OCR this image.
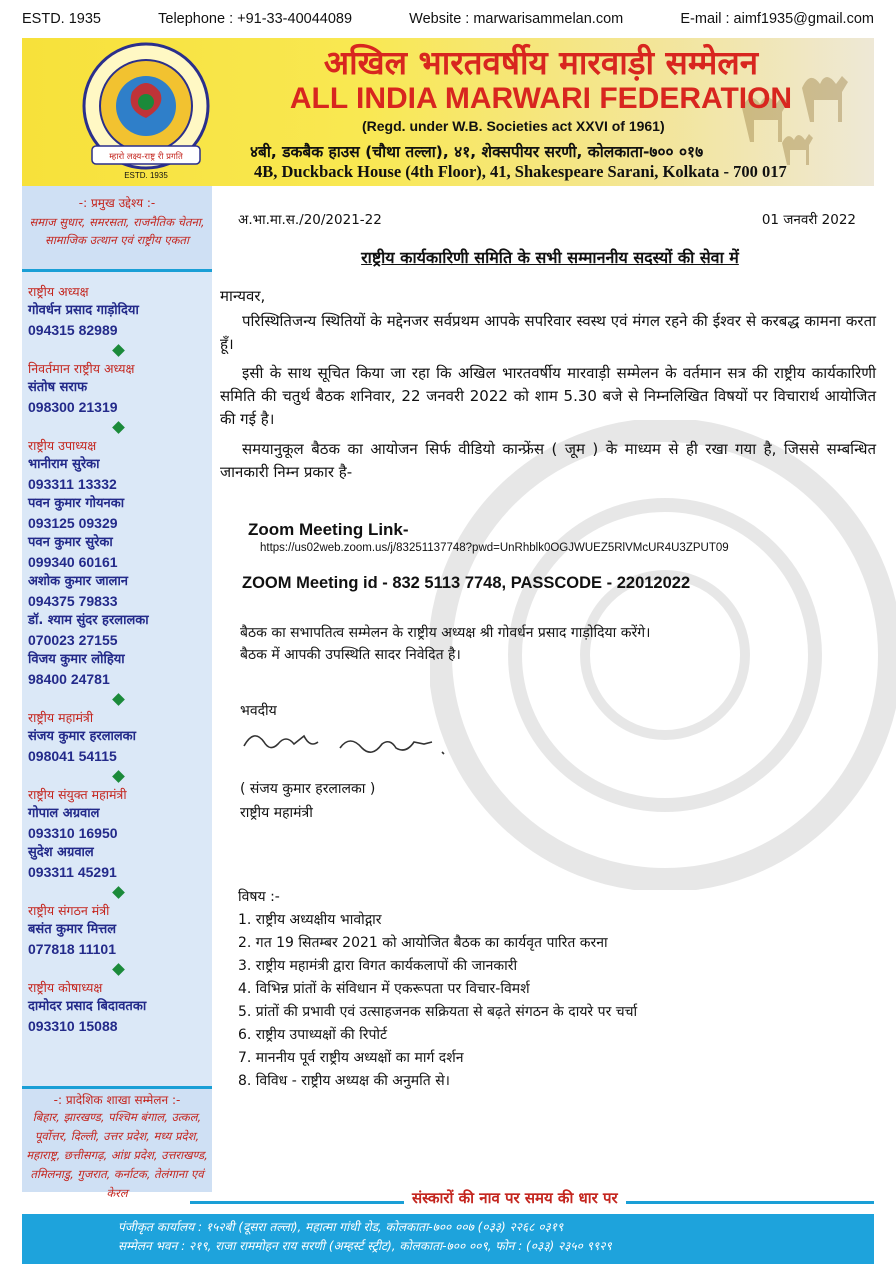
ESTD. 1935	Telephone : +91-33-40044089	Website : marwarisammelan.com	E-mail : aimf1935@gmail.com
म्हारो लक्ष्य-राष्ट्र री प्रगति
ESTD. 1935
अखिल भारतवर्षीय मारवाड़ी सम्मेलन
ALL INDIA MARWARI FEDERATION
(Regd. under W.B. Societies act XXVI of 1961)
४बी, डकबैक हाउस (चौथा तल्ला), ४१, शेक्सपीयर सरणी, कोलकाता-७०० ०१७
4B, Duckback House (4th Floor), 41, Shakespeare Sarani, Kolkata - 700 017
-: प्रमुख उद्देश्य :-
समाज सुधार, समरसता, राजनैतिक चेतना, सामाजिक उत्थान एवं राष्ट्रीय एकता
राष्ट्रीय अध्यक्ष
गोवर्धन प्रसाद गाड़ोदिया
094315 82989
निवर्तमान राष्ट्रीय अध्यक्ष
संतोष सराफ
098300 21319
राष्ट्रीय उपाध्यक्ष
भानीराम सुरेका
093311 13332
पवन कुमार गोयनका
093125 09329
पवन कुमार सुरेका
099340 60161
अशोक कुमार जालान
094375 79833
डॉ. श्याम सुंदर हरलालका
070023 27155
विजय कुमार लोहिया
98400 24781
राष्ट्रीय महामंत्री
संजय कुमार हरलालका
098041 54115
राष्ट्रीय संयुक्त महामंत्री
गोपाल अग्रवाल
093310 16950
सुदेश अग्रवाल
093311 45291
राष्ट्रीय संगठन मंत्री
बसंत कुमार मित्तल
077818 11101
राष्ट्रीय कोषाध्यक्ष
दामोदर प्रसाद बिदावतका
093310 15088
-: प्रादेशिक शाखा सम्मेलन :-
बिहार, झारखण्ड, पश्चिम बंगाल, उत्कल, पूर्वोत्तर, दिल्ली, उत्तर प्रदेश, मध्य प्रदेश, महाराष्ट्र, छत्तीसगढ़, आंध्र प्रदेश, उत्तराखण्ड, तमिलनाडु, गुजरात, कर्नाटक, तेलंगाना एवं केरल
अ.भा.मा.स./20/2021-22	01 जनवरी 2022
राष्ट्रीय कार्यकारिणी समिति के सभी सम्माननीय सदस्यों की सेवा में
मान्यवर,
परिस्थितिजन्य स्थितियों के मद्देनजर सर्वप्रथम आपके सपरिवार स्वस्थ एवं मंगल रहने की ईश्वर से करबद्ध कामना करता हूँ।
इसी के साथ सूचित किया जा रहा कि अखिल भारतवर्षीय मारवाड़ी सम्मेलन के वर्तमान सत्र की राष्ट्रीय कार्यकारिणी समिति की चतुर्थ बैठक शनिवार, 22 जनवरी 2022 को शाम 5.30 बजे से निम्नलिखित विषयों पर विचारार्थ आयोजित की गई है।
समयानुकूल बैठक का आयोजन सिर्फ वीडियो कान्फ्रेंस ( जूम ) के माध्यम से ही रखा गया है, जिससे सम्बन्धित जानकारी निम्न प्रकार है-
Zoom Meeting Link-
https://us02web.zoom.us/j/83251137748?pwd=UnRhblk0OGJWUEZ5RlVMcUR4U3ZPUT09
ZOOM Meeting id - 832 5113 7748, PASSCODE - 22012022
बैठक का सभापतित्व सम्मेलन के राष्ट्रीय अध्यक्ष श्री गोवर्धन प्रसाद गाड़ोदिया करेंगे।
बैठक में आपकी उपस्थिति सादर निवेदित है।
भवदीय
( संजय कुमार हरलालका )
राष्ट्रीय महामंत्री
विषय :-
1. राष्ट्रीय अध्यक्षीय भावोद्गार
2. गत 19 सितम्बर 2021 को आयोजित बैठक का कार्यवृत पारित करना
3. राष्ट्रीय महामंत्री द्वारा विगत कार्यकलापों की जानकारी
4. विभिन्न प्रांतों के संविधान में एकरूपता पर विचार-विमर्श
5. प्रांतों की प्रभावी एवं उत्साहजनक सक्रियता से बढ़ते संगठन के दायरे पर चर्चा
6. राष्ट्रीय उपाध्यक्षों की रिपोर्ट
7. माननीय पूर्व राष्ट्रीय अध्यक्षों का मार्ग दर्शन
8. विविध - राष्ट्रीय अध्यक्ष की अनुमति से।
संस्कारों की नाव पर समय की धार पर
पंजीकृत कार्यालय : १५२बी (दूसरा तल्ला), महात्मा गांधी रोड, कोलकाता-७०० ००७ (०३३) २२६८ ०३१९
सम्मेलन भवन : २१९, राजा राममोहन राय सरणी (अम्हर्स्ट स्ट्रीट), कोलकाता-७०० ००९, फोन : (०३३) २३५० ९९२९
